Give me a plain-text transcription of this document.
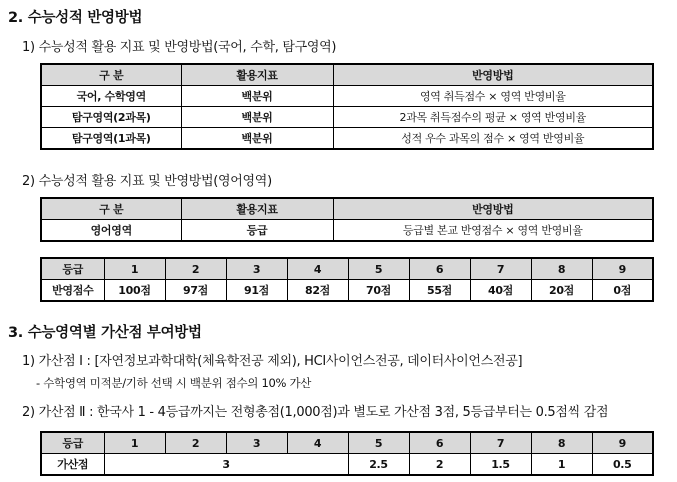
2. 수능성적 반영방법
1) 수능성적 활용 지표 및 반영방법(국어, 수학, 탐구영역)
구 분	활용지표	반영방법
국어, 수학영역	백분위	영역 취득점수 × 영역 반영비율
탐구영역(2과목)	백분위	2과목 취득점수의 평균 × 영역 반영비율
탐구영역(1과목)	백분위	성적 우수 과목의 점수 × 영역 반영비율
2) 수능성적 활용 지표 및 반영방법(영어영역)
구 분	활용지표	반영방법
영어영역	등급	등급별 본교 반영점수 × 영역 반영비율
등급	1	2	3	4	5	6	7	8	9
반영점수	100점	97점	91점	82점	70점	55점	40점	20점	0점
3. 수능영역별 가산점 부여방법
1) 가산점 Ⅰ : [자연정보과학대학(체육학전공 제외), HCI사이언스전공, 데이터사이언스전공]
- 수학영역 미적분/기하 선택 시 백분위 점수의 10% 가산
2) 가산점 Ⅱ : 한국사 1 - 4등급까지는 전형총점(1,000점)과 별도로 가산점 3점, 5등급부터는 0.5점씩 감점
등급	1	2	3	4	5	6	7	8	9
가산점	3				2.5	2	1.5	1	0.5
